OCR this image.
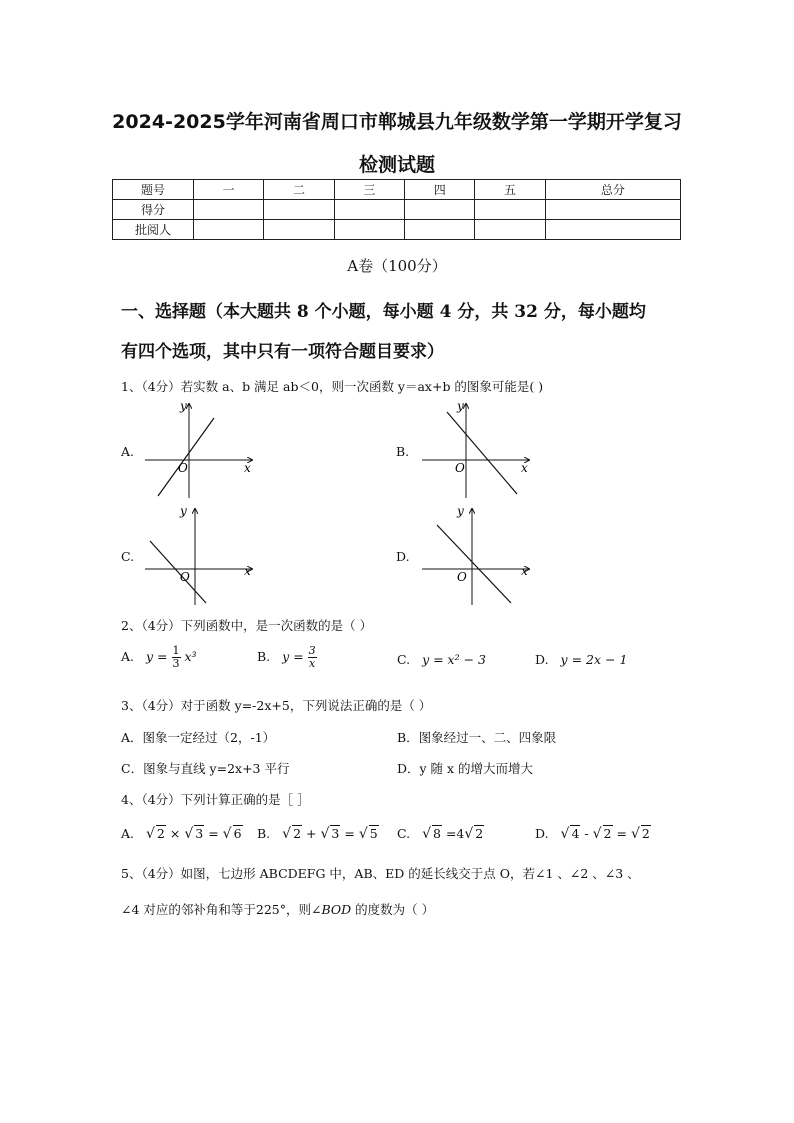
2024-2025学年河南省周口市郸城县九年级数学第一学期开学复习
检测试题
题号	一	二	三	四	五	总分
得分						
批阅人						
A卷（100分）
一、选择题（本大题共 8 个小题，每小题 4 分，共 32 分，每小题均
有四个选项，其中只有一项符合题目要求）
1、（4分）若实数 a、b 满足 ab＜0，则一次函数 y＝ax+b 的图象可能是( )
A.
y
x
O
B.
y
x
O
C.
y
x
O
D.
y
x
O
2、（4分）下列函数中，是一次函数的是（ ）
A. $y = \frac{1}{3} x^3$	B. $y = \frac{3}{x}$	C. y = x² − 3	D. y = 2x − 1
3、（4分）对于函数 y=-2x+5，下列说法正确的是（ ）
A．图象一定经过（2，-1）	B．图象经过一、二、四象限
C．图象与直线 y=2x+3 平行	D．y 随 x 的增大而增大
4、（4分）下列计算正确的是［ ］
A. √ 2 × √ 3 = √ 6 B. √ 2 + √ 3 = √ 5 C. √ 8 =4√ 2	D. √ 4 - √ 2 = √ 2
5、（4分）如图，七边形 ABCDEFG 中，AB、ED 的延长线交于点 O，若∠1 、∠2 、∠3 、
∠4 对应的邻补角和等于225°，则∠BOD 的度数为（ ）
